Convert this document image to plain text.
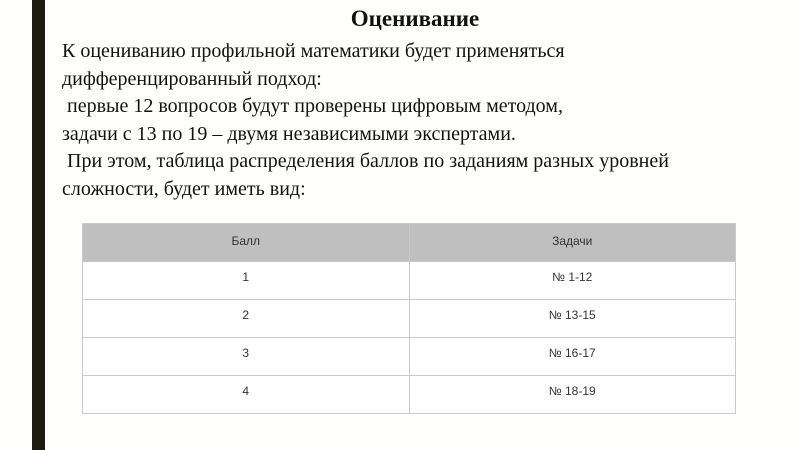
Оценивание
К оцениванию профильной математики будет применяться
дифференцированный подход:
первые 12 вопросов будут проверены цифровым методом,
задачи с 13 по 19 – двумя независимыми экспертами.
При этом, таблица распределения баллов по заданиям разных уровней
сложности, будет иметь вид:
Балл	Задачи
1	№ 1-12
2	№ 13-15
3	№ 16-17
4	№ 18-19
